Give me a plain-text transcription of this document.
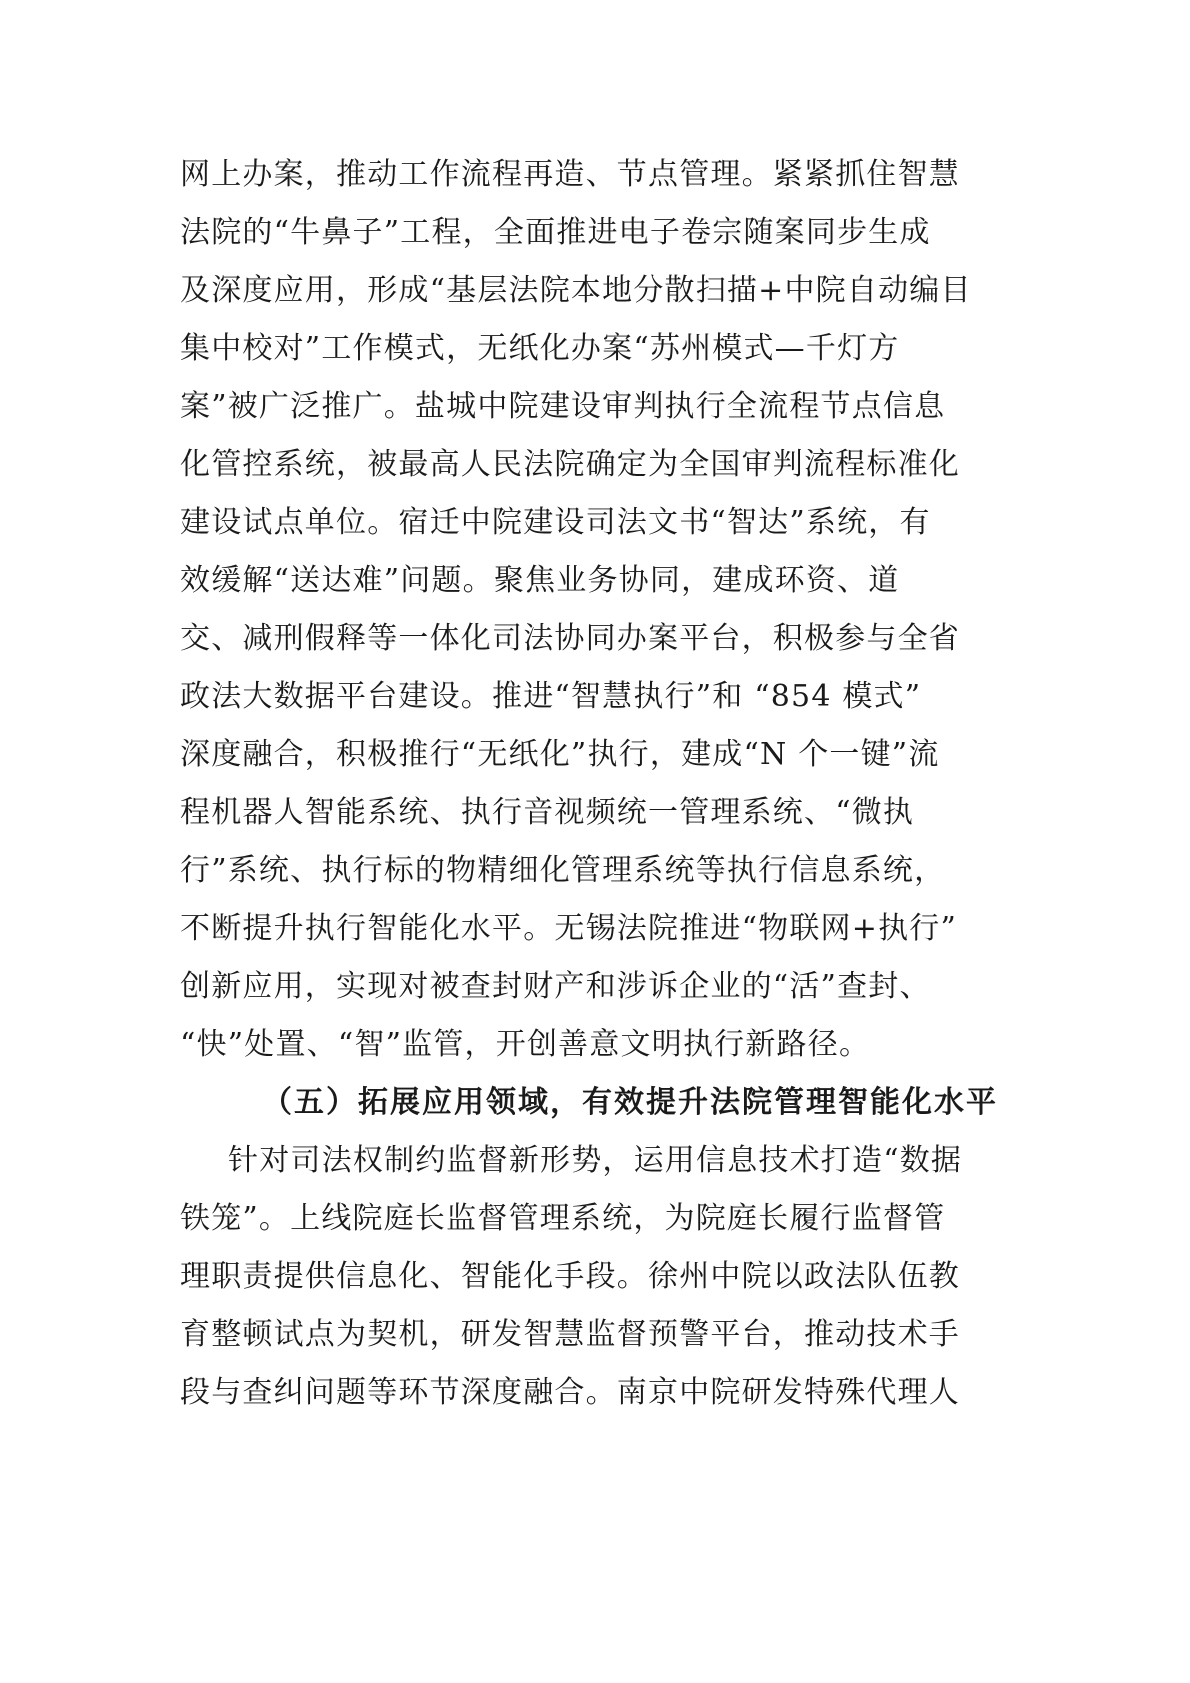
网上办案，推动工作流程再造、节点管理。紧紧抓住智慧
法院的“牛鼻子”工程，全面推进电子卷宗随案同步生成
及深度应用，形成“基层法院本地分散扫描+中院自动编目
集中校对”工作模式，无纸化办案“苏州模式—千灯方
案”被广泛推广。盐城中院建设审判执行全流程节点信息
化管控系统，被最高人民法院确定为全国审判流程标准化
建设试点单位。宿迁中院建设司法文书“智达”系统，有
效缓解“送达难”问题。聚焦业务协同，建成环资、道
交、减刑假释等一体化司法协同办案平台，积极参与全省
政法大数据平台建设。推进“智慧执行”和 “854 模式”
深度融合，积极推行“无纸化”执行，建成“N 个一键”流
程机器人智能系统、执行音视频统一管理系统、“微执
行”系统、执行标的物精细化管理系统等执行信息系统，
不断提升执行智能化水平。无锡法院推进“物联网+执行”
创新应用，实现对被查封财产和涉诉企业的“活”查封、
“快”处置、“智”监管，开创善意文明执行新路径。
（五）拓展应用领域，有效提升法院管理智能化水平
针对司法权制约监督新形势，运用信息技术打造“数据
铁笼”。上线院庭长监督管理系统，为院庭长履行监督管
理职责提供信息化、智能化手段。徐州中院以政法队伍教
育整顿试点为契机，研发智慧监督预警平台，推动技术手
段与查纠问题等环节深度融合。南京中院研发特殊代理人
